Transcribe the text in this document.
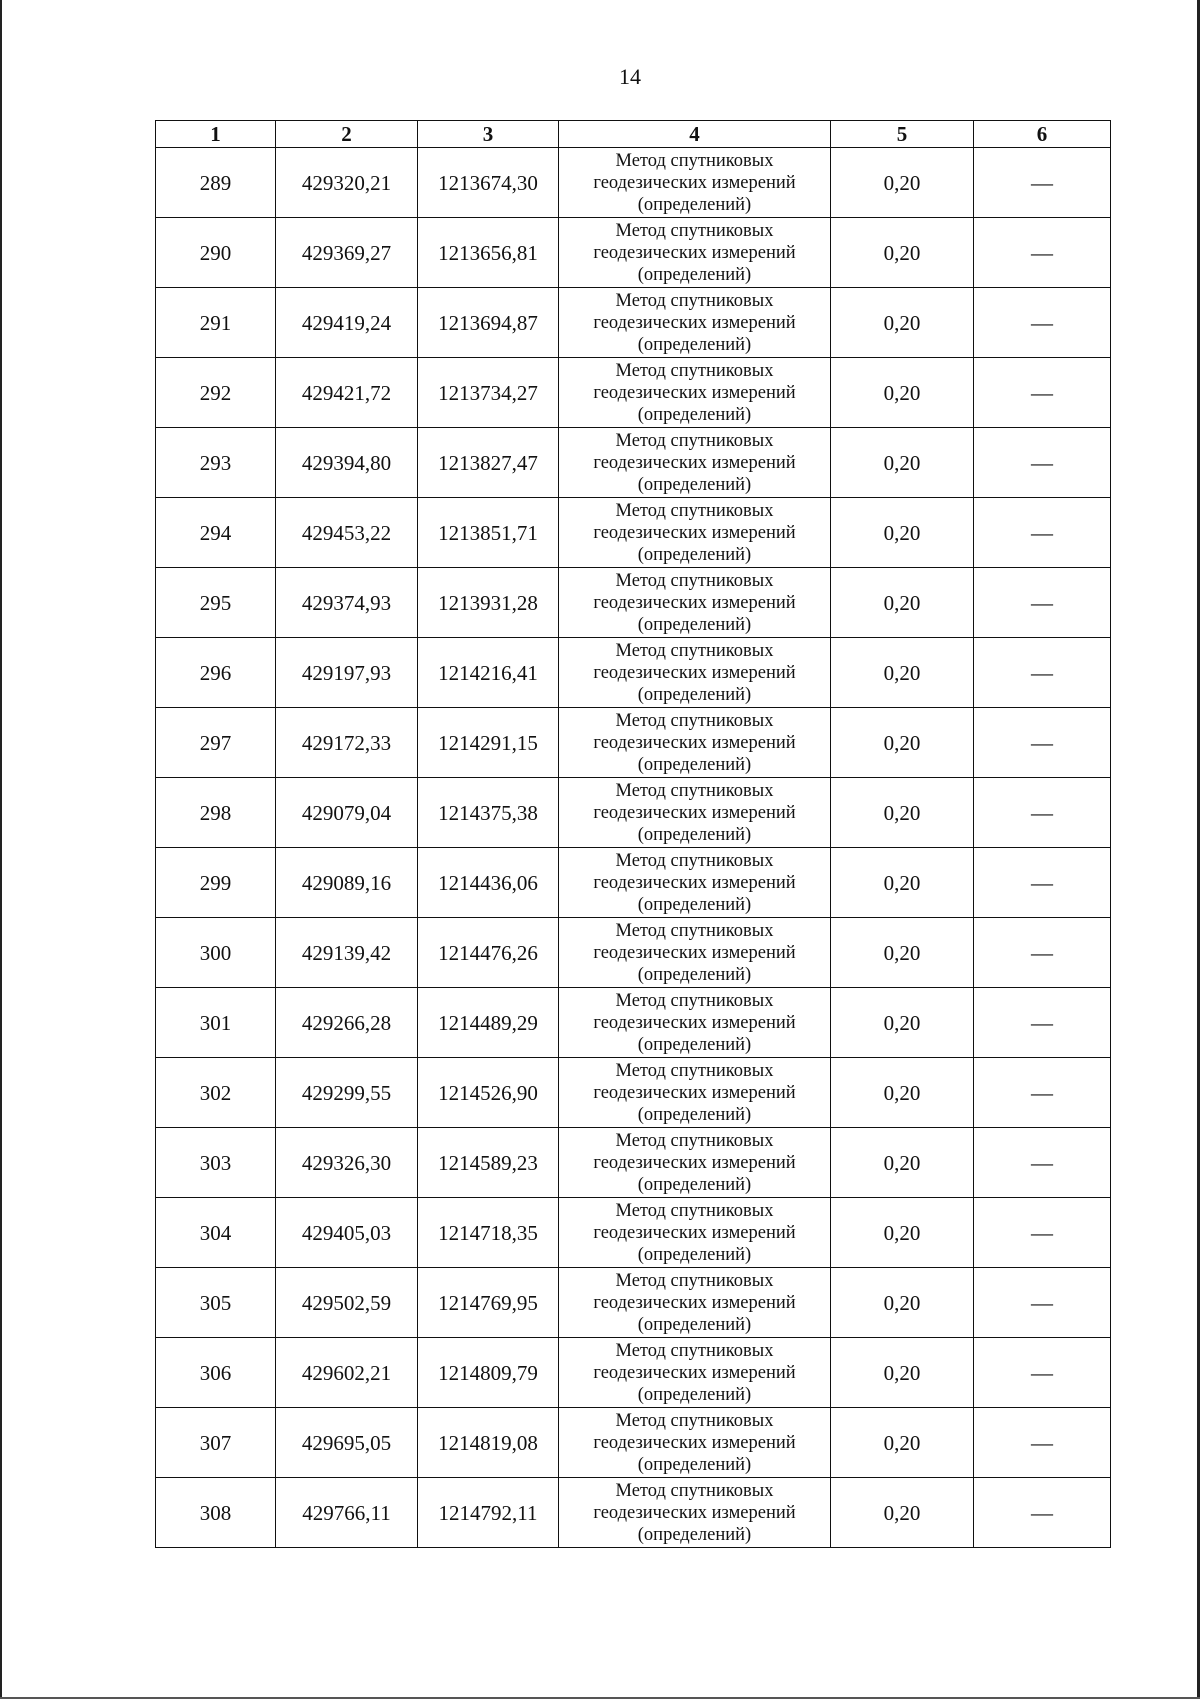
14
1	2	3	4	5	6
289	429320,21	1213674,30	Метод спутниковых
геодезических измерений
(определений)	0,20	—
290	429369,27	1213656,81	Метод спутниковых
геодезических измерений
(определений)	0,20	—
291	429419,24	1213694,87	Метод спутниковых
геодезических измерений
(определений)	0,20	—
292	429421,72	1213734,27	Метод спутниковых
геодезических измерений
(определений)	0,20	—
293	429394,80	1213827,47	Метод спутниковых
геодезических измерений
(определений)	0,20	—
294	429453,22	1213851,71	Метод спутниковых
геодезических измерений
(определений)	0,20	—
295	429374,93	1213931,28	Метод спутниковых
геодезических измерений
(определений)	0,20	—
296	429197,93	1214216,41	Метод спутниковых
геодезических измерений
(определений)	0,20	—
297	429172,33	1214291,15	Метод спутниковых
геодезических измерений
(определений)	0,20	—
298	429079,04	1214375,38	Метод спутниковых
геодезических измерений
(определений)	0,20	—
299	429089,16	1214436,06	Метод спутниковых
геодезических измерений
(определений)	0,20	—
300	429139,42	1214476,26	Метод спутниковых
геодезических измерений
(определений)	0,20	—
301	429266,28	1214489,29	Метод спутниковых
геодезических измерений
(определений)	0,20	—
302	429299,55	1214526,90	Метод спутниковых
геодезических измерений
(определений)	0,20	—
303	429326,30	1214589,23	Метод спутниковых
геодезических измерений
(определений)	0,20	—
304	429405,03	1214718,35	Метод спутниковых
геодезических измерений
(определений)	0,20	—
305	429502,59	1214769,95	Метод спутниковых
геодезических измерений
(определений)	0,20	—
306	429602,21	1214809,79	Метод спутниковых
геодезических измерений
(определений)	0,20	—
307	429695,05	1214819,08	Метод спутниковых
геодезических измерений
(определений)	0,20	—
308	429766,11	1214792,11	Метод спутниковых
геодезических измерений
(определений)	0,20	—
